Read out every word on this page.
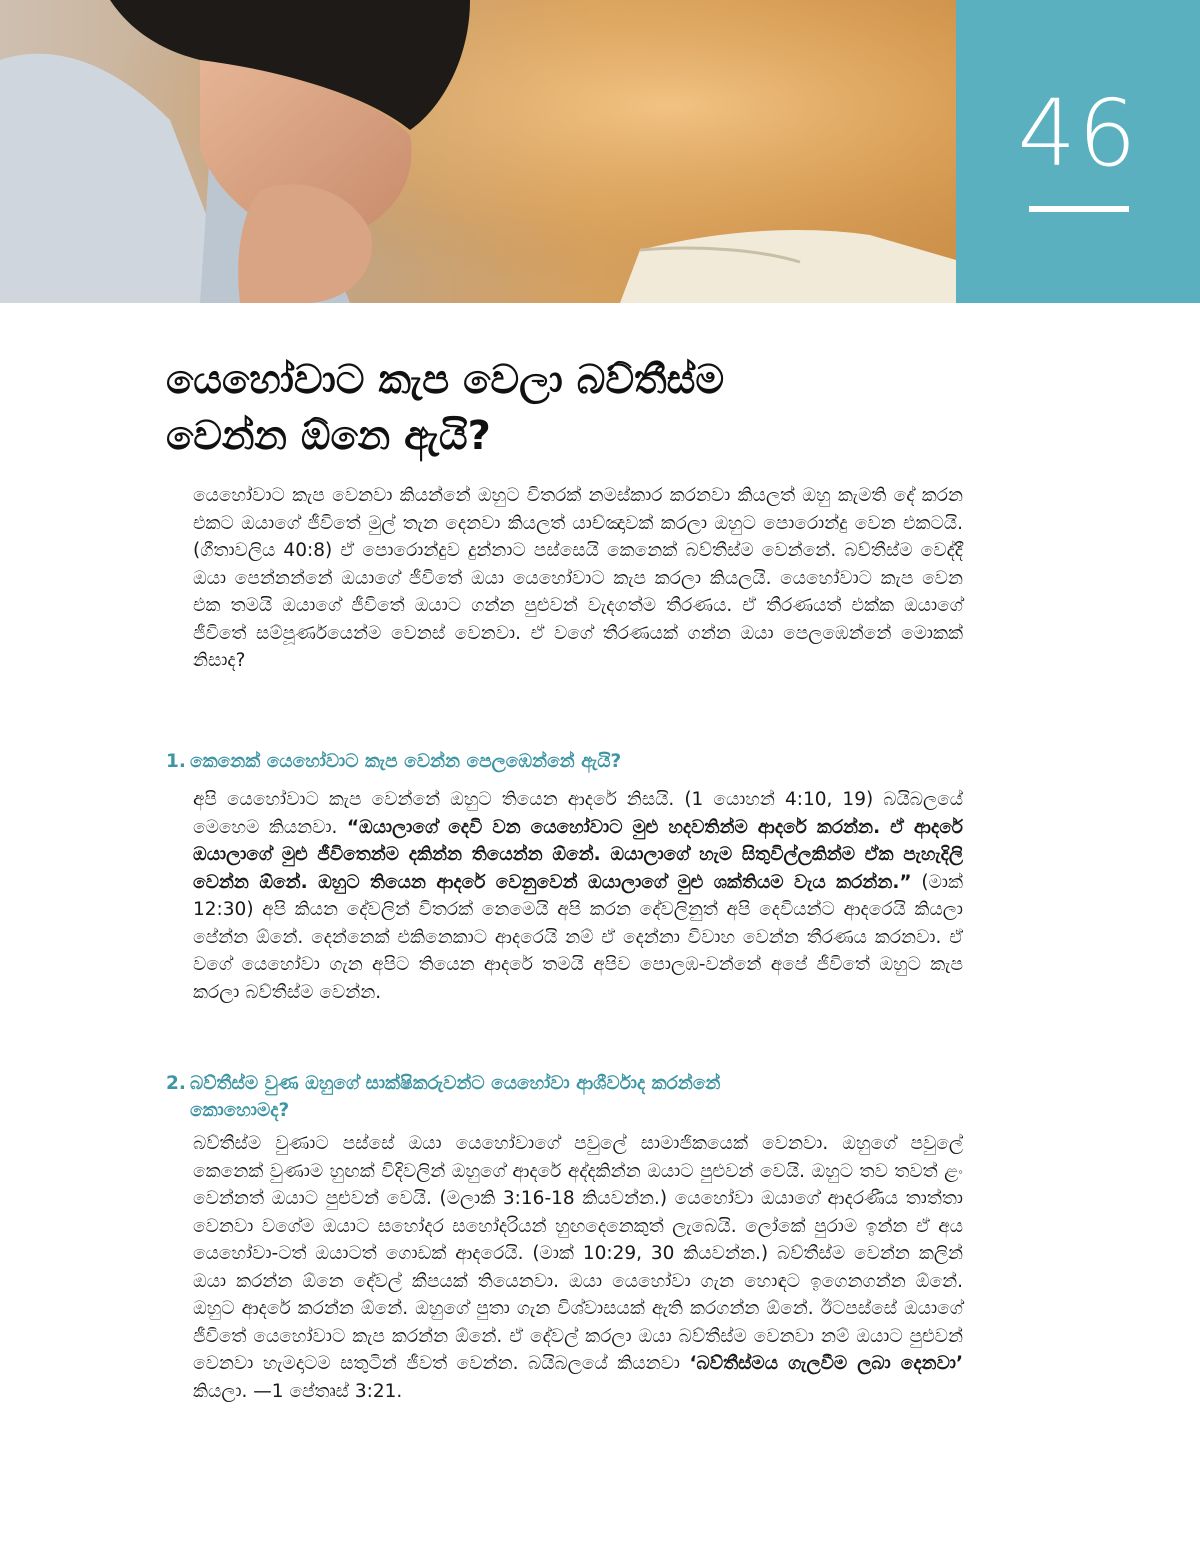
46
යෙහෝවාට කැප වෙලා බව්තීස්ම
වෙන්න ඕනෙ ඇයි?

යෙහෝවාට කැප වෙනවා කියන්නේ ඔහුට විතරක් නමස්කාර කරනවා කියලත් ඔහු කැමති දේ කරන එකට ඔයාගේ ජීවිතේ මුල් තැන දෙනවා කියලත් යාච්ඤාවක් කරලා ඔහුට පොරොන්දු වෙන එකටයි. (ගීතාවලිය 40:8) ඒ පොරොන්දුව දුන්නාට පස්සෙයි කෙනෙක් බව්තීස්ම වෙන්නේ. බව්තීස්ම වෙද්දී ඔයා පෙන්නන්නේ ඔයාගේ ජීවිතේ ඔයා යෙහෝවාට කැප කරලා කියලයි. යෙහෝවාට කැප වෙන එක තමයි ඔයාගේ ජීවිතේ ඔයාට ගන්න පුළුවන් වැදගත්ම තීරණය. ඒ තීරණයත් එක්ක ඔයාගේ ජීවිතේ සම්පූර්ණයෙන්ම වෙනස් වෙනවා. ඒ වගේ තීරණයක් ගන්න ඔයා පෙලඹෙන්නේ මොකක් නිසාද?

1. කෙනෙක් යෙහෝවාට කැප වෙන්න පෙලඹෙන්නේ ඇයි?

අපි යෙහෝවාට කැප වෙන්නේ ඔහුට තියෙන ආදරේ නිසයි. (1 යොහන් 4:10, 19) බයිබලයේ මෙහෙම කියනවා. “ඔයාලාගේ දෙවි වන යෙහෝවාට මුළු හදවතින්ම ආදරේ කරන්න. ඒ ආදරේ ඔයාලාගේ මුළු ජීවිතෙන්ම දකින්න තියෙන්න ඕනේ. ඔයාලාගේ හැම සිතුවිල්ලකින්ම ඒක පැහැදිලි වෙන්න ඕනේ. ඔහුට තියෙන ආදරේ වෙනුවෙන් ඔයාලාගේ මුළු ශක්තියම වැය කරන්න.” (මාක් 12:30) අපි කියන දේවලින් විතරක් නෙමෙයි අපි කරන දේවලිනුත් අපි දෙවියන්ට ආදරෙයි කියලා පේන්න ඕනේ. දෙන්නෙක් එකිනෙකාට ආදරෙයි නම් ඒ දෙන්නා විවාහ වෙන්න තීරණය කරනවා. ඒ වගේ යෙහෝවා ගැන අපිට තියෙන ආදරේ තමයි අපිව පොලඹ-වන්නේ අපේ ජීවිතේ ඔහුට කැප කරලා බව්තීස්ම වෙන්න.

2. බව්තීස්ම වුණ ඔහුගේ සාක්ෂිකරුවන්ට යෙහෝවා ආශීර්වාද කරන්නේ
කොහොමද?

බව්තීස්ම වුණාට පස්සේ ඔයා යෙහෝවාගේ පවුලේ සාමාජිකයෙක් වෙනවා. ඔහුගේ පවුලේ කෙනෙක් වුණාම හුඟක් විදිවලින් ඔහුගේ ආදරේ අද්දකින්න ඔයාට පුළුවන් වෙයි. ඔහුට තව තවත් ළං වෙන්නත් ඔයාට පුළුවන් වෙයි. (මලාකි 3:16-18 කියවන්න.) යෙහෝවා ඔයාගේ ආදරණීය තාත්තා වෙනවා වගේම ඔයාට සහෝදර සහෝදරියන් හුඟදෙනෙකුත් ලැබෙයි. ලෝකේ පුරාම ඉන්න ඒ අය යෙහෝවා-ටත් ඔයාටත් ගොඩක් ආදරෙයි. (මාක් 10:29, 30 කියවන්න.) බව්තීස්ම වෙන්න කලින් ඔයා කරන්න ඕනෙ දේවල් කීපයක් තියෙනවා. ඔයා යෙහෝවා ගැන හොඳට ඉගෙනගන්න ඕනේ. ඔහුට ආදරේ කරන්න ඕනේ. ඔහුගේ පුතා ගැන විශ්වාසයක් ඇති කරගන්න ඕනේ. ඊටපස්සේ ඔයාගේ ජීවිතේ යෙහෝවාට කැප කරන්න ඕනේ. ඒ දේවල් කරලා ඔයා බව්තීස්ම වෙනවා නම් ඔයාට පුළුවන් වෙනවා හැමදාටම සතුටින් ජීවත් වෙන්න. බයිබලයේ කියනවා ‘බව්තීස්මය ගැලවීම ලබා දෙනවා’ කියලා. —1 පේතෘස් 3:21.
